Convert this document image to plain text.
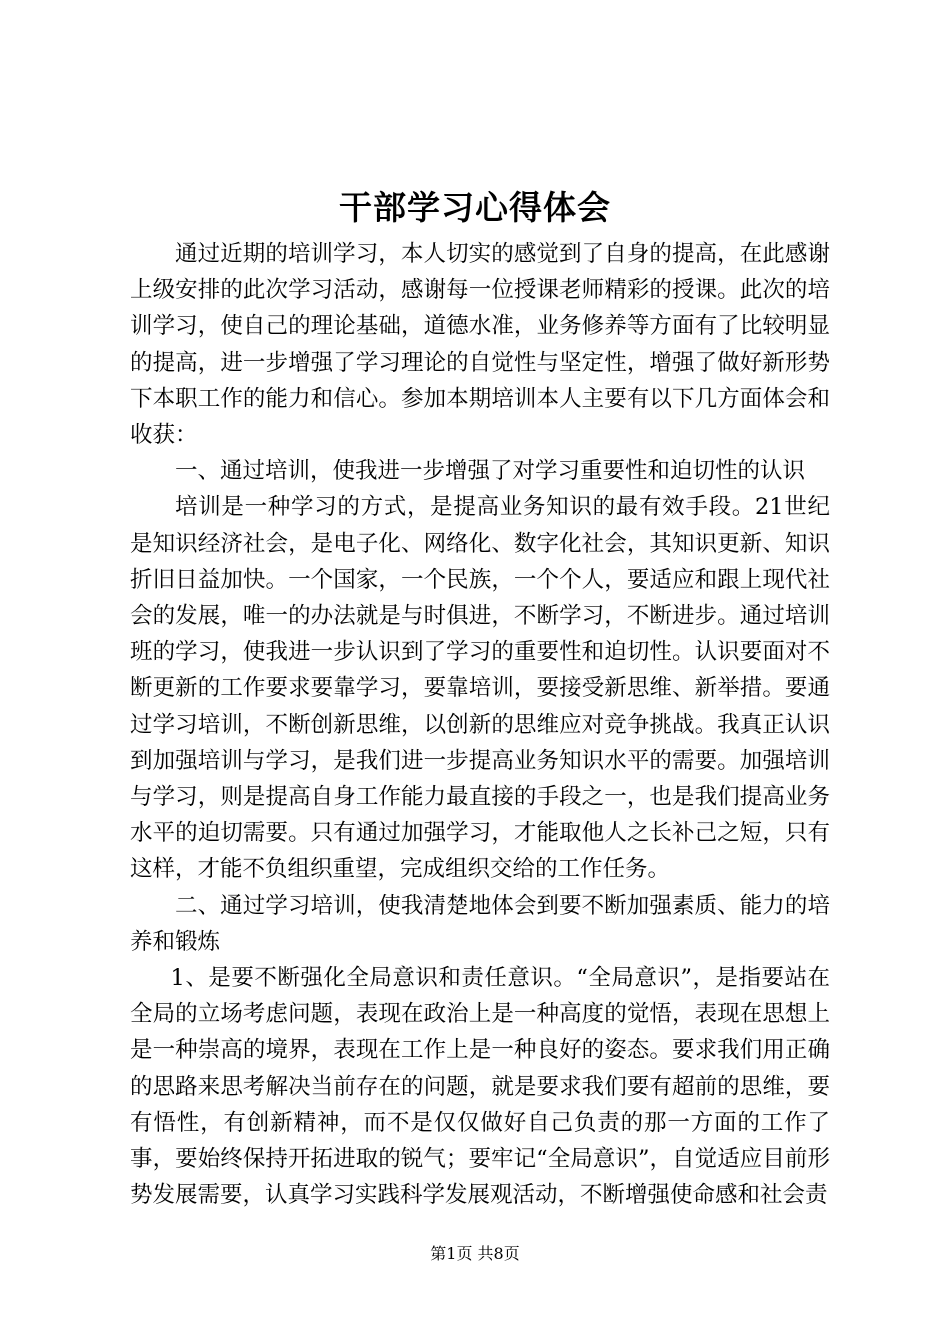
干部学习心得体会

通过近期的培训学习，本人切实的感觉到了自身的提高，在此感谢上级安排的此次学习活动，感谢每一位授课老师精彩的授课。此次的培训学习，使自己的理论基础，道德水准，业务修养等方面有了比较明显的提高，进一步增强了学习理论的自觉性与坚定性，增强了做好新形势下本职工作的能力和信心。参加本期培训本人主要有以下几方面体会和收获：

一、通过培训，使我进一步增强了对学习重要性和迫切性的认识

培训是一种学习的方式，是提高业务知识的最有效手段。21世纪是知识经济社会，是电子化、网络化、数字化社会，其知识更新、知识折旧日益加快。一个国家，一个民族，一个个人，要适应和跟上现代社会的发展，唯一的办法就是与时俱进，不断学习，不断进步。通过培训班的学习，使我进一步认识到了学习的重要性和迫切性。认识要面对不断更新的工作要求要靠学习，要靠培训，要接受新思维、新举措。要通过学习培训，不断创新思维，以创新的思维应对竞争挑战。我真正认识到加强培训与学习，是我们进一步提高业务知识水平的需要。加强培训与学习，则是提高自身工作能力最直接的手段之一，也是我们提高业务水平的迫切需要。只有通过加强学习，才能取他人之长补己之短，只有这样，才能不负组织重望，完成组织交给的工作任务。

二、通过学习培训，使我清楚地体会到要不断加强素质、能力的培养和锻炼

1、是要不断强化全局意识和责任意识。“全局意识”，是指要站在全局的立场考虑问题，表现在政治上是一种高度的觉悟，表现在思想上是一种崇高的境界，表现在工作上是一种良好的姿态。要求我们用正确的思路来思考解决当前存在的问题，就是要求我们要有超前的思维，要有悟性，有创新精神，而不是仅仅做好自己负责的那一方面的工作了事，要始终保持开拓进取的锐气；要牢记“全局意识”，自觉适应目前形势发展需要，认真学习实践科学发展观活动，不断增强使命感和社会责

第1页 共8页
